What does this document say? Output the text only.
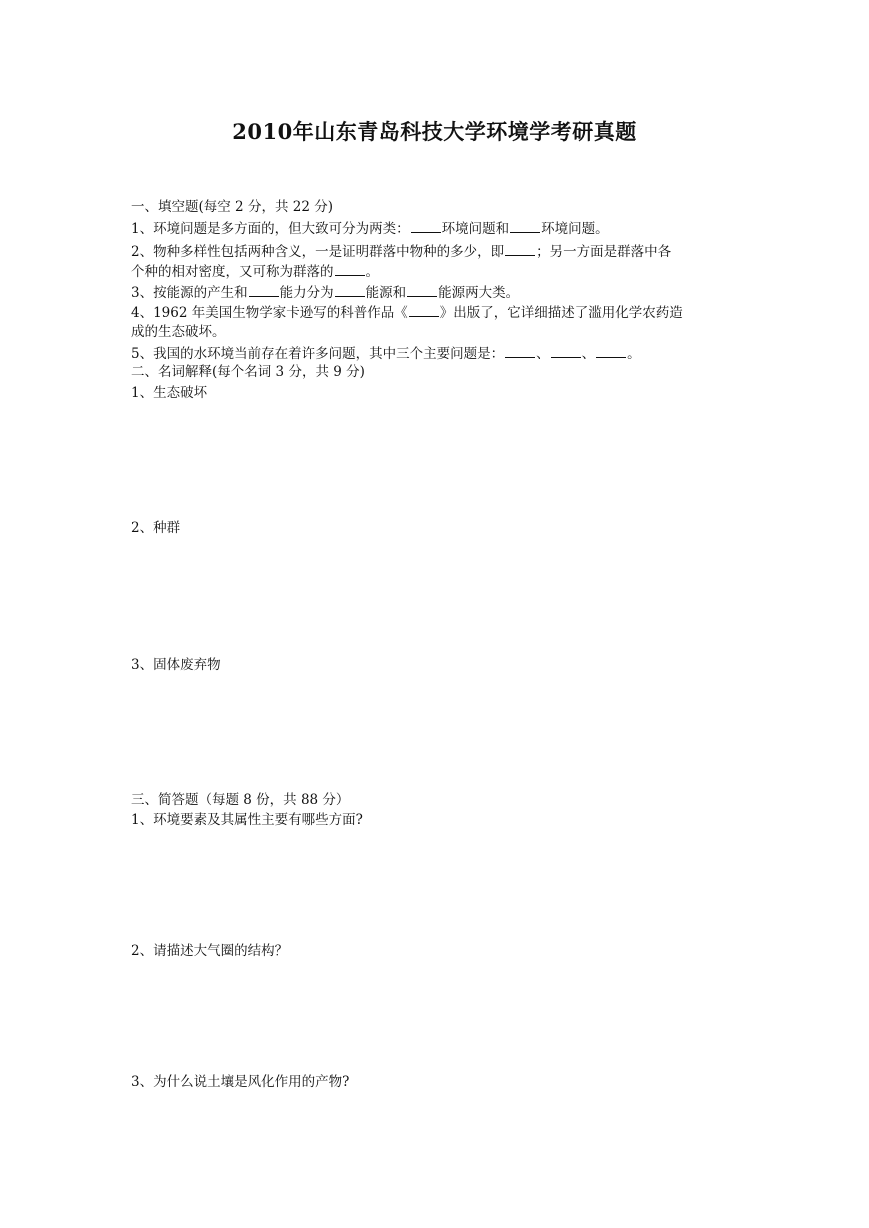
2010年山东青岛科技大学环境学考研真题
一、填空题(每空 2 分，共 22 分)
1、环境问题是多方面的，但大致可分为两类： 环境问题和 环境问题。
2、物种多样性包括两种含义，一是证明群落中物种的多少，即 ；另一方面是群落中各
个种的相对密度，又可称为群落的 。
3、按能源的产生和 能力分为 能源和 能源两大类。
4、1962 年美国生物学家卡逊写的科普作品《 》出版了，它详细描述了滥用化学农药造
成的生态破坏。
5、我国的水环境当前存在着许多问题，其中三个主要问题是： 、 、 。
二、名词解释(每个名词 3 分，共 9 分)
1、生态破坏
2、种群
3、固体废弃物
三、简答题（每题 8 份，共 88 分）
1、环境要素及其属性主要有哪些方面?
2、请描述大气圈的结构？
3、为什么说土壤是风化作用的产物?
